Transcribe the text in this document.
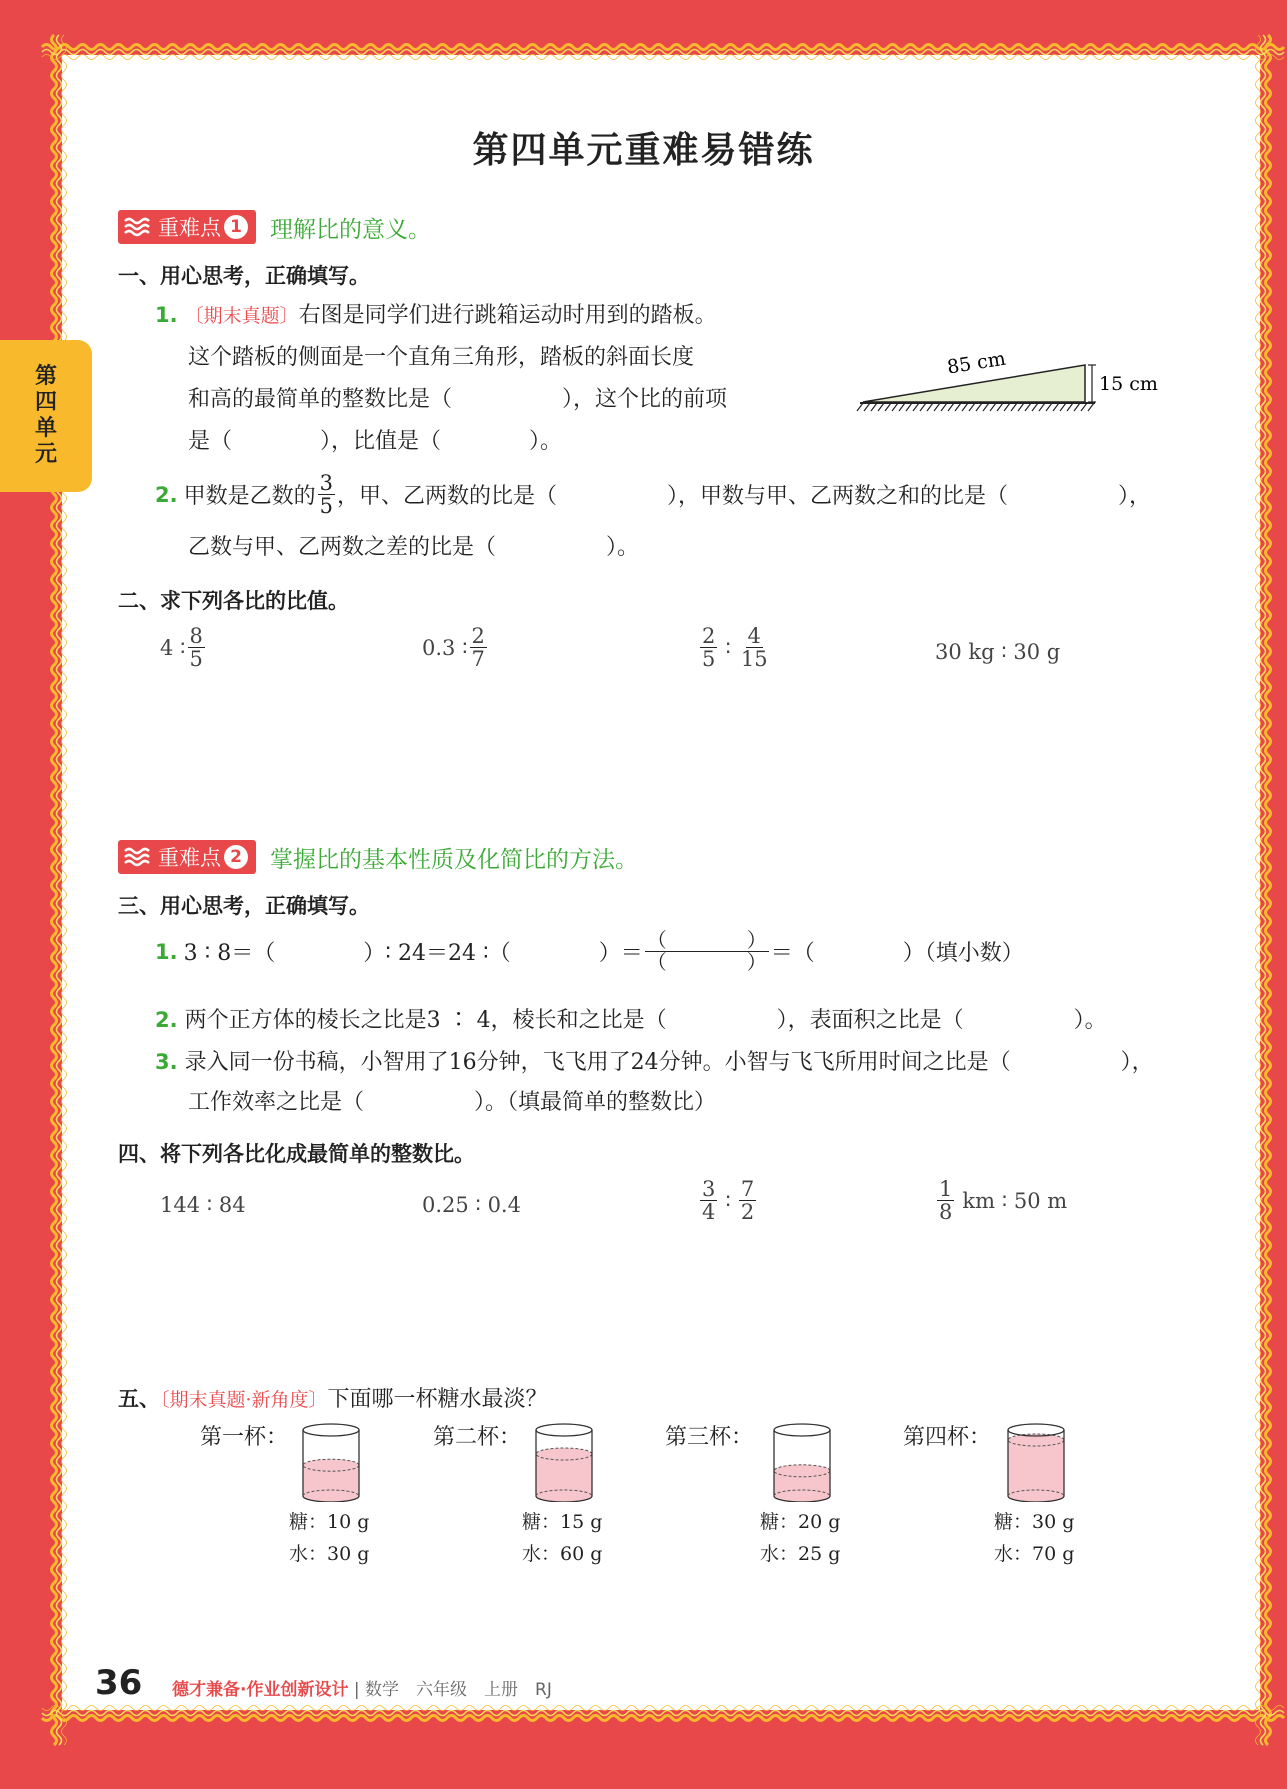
第
四
单
元
第四单元重难易错练
重难点 1 理解比的意义。
一、用心思考，正确填写。
1. 〔期末真题〕右图是同学们进行跳箱运动时用到的踏板。
这个踏板的侧面是一个直角三角形，踏板的斜面长度
和高的最简单的整数比是（　　　　　），这个比的前项
是（　　　　），比值是（　　　　）。
85 cm
15 cm
2. 甲数是乙数的 $\frac{3}{5}$ ，甲、乙两数的比是（　　　　　），甲数与甲、乙两数之和的比是（　　　　　），
乙数与甲、乙两数之差的比是（　　　　　）。
二、求下列各比的比值。
4 ∶ $\frac{8}{5}$	0.3 ∶ $\frac{2}{7}$	$\frac{2}{5}$ ∶ $\frac{4}{15}$	30 kg ∶ 30 g
重难点 2 掌握比的基本性质及化简比的方法。
三、用心思考，正确填写。
1. 3 ∶ 8＝（　　　　）∶ 24＝24 ∶（　　　　）＝ $\frac{( )}{( )}$ ＝（　　　　）（填小数）
2. 两个正方体的棱长之比是3 ∶ 4，棱长和之比是（　　　　　），表面积之比是（　　　　　）。
3. 录入同一份书稿，小智用了16分钟，飞飞用了24分钟。小智与飞飞所用时间之比是（　　　　　），
工作效率之比是（　　　　　）。（填最简单的整数比）
四、将下列各比化成最简单的整数比。
144 ∶ 84	0.25 ∶ 0.4	$\frac{3}{4}$ ∶ $\frac{7}{2}$	$\frac{1}{8}$ km ∶ 50 m
五、〔期末真题·新角度〕下面哪一杯糖水最淡？
第一杯：
糖：10 g
水：30 g
第二杯：
糖：15 g
水：60 g
第三杯：
糖：20 g
水：25 g
第四杯：
糖：30 g
水：70 g
36 德才兼备·作业创新设计 | 数学　六年级　上册　RJ
